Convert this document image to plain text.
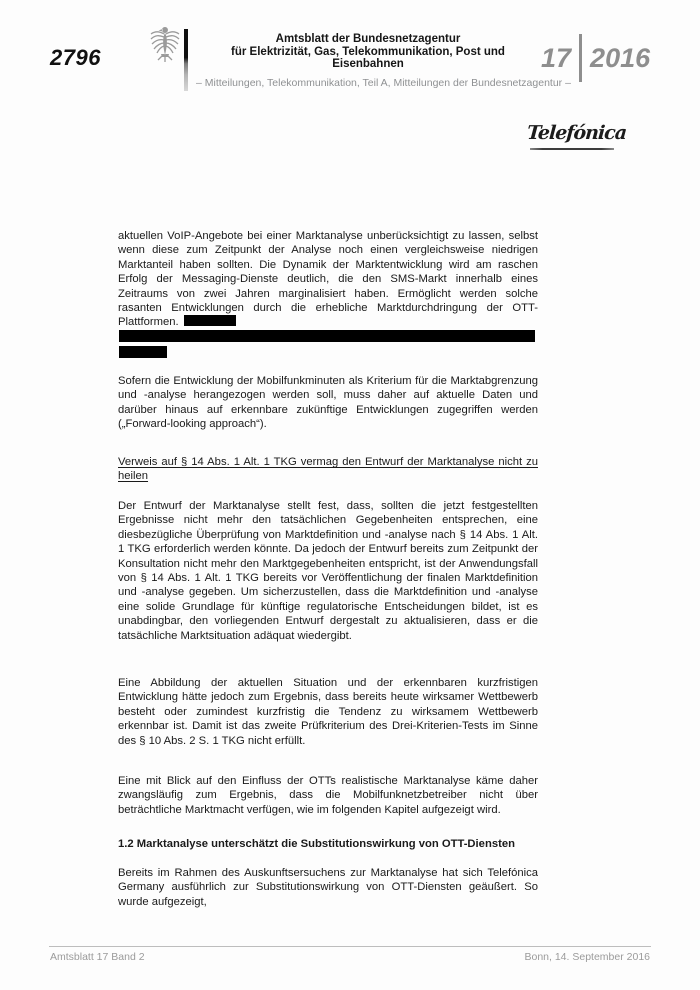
2796
Amtsblatt der Bundesnetzagentur
für Elektrizität, Gas, Telekommunikation, Post und Eisenbahnen
– Mitteilungen, Telekommunikation, Teil A, Mitteilungen der Bundesnetzagentur –
17 2016
Telefónica

aktuellen VoIP-Angebote bei einer Marktanalyse unberücksichtigt zu lassen, selbst wenn diese zum Zeitpunkt der Analyse noch einen vergleichsweise niedrigen Marktanteil haben sollten. Die Dynamik der Marktentwicklung wird am raschen Erfolg der Messaging-Dienste deutlich, die den SMS-Markt innerhalb eines Zeitraums von zwei Jahren marginalisiert haben. Ermöglicht werden solche rasanten Entwicklungen durch die erhebliche Marktdurchdringung der OTT-Plattformen.

Sofern die Entwicklung der Mobilfunkminuten als Kriterium für die Marktabgrenzung und -analyse herangezogen werden soll, muss daher auf aktuelle Daten und darüber hinaus auf erkennbare zukünftige Entwicklungen zugegriffen werden („Forward-looking approach“).

Verweis auf § 14 Abs. 1 Alt. 1 TKG vermag den Entwurf der Marktanalyse nicht zu heilen

Der Entwurf der Marktanalyse stellt fest, dass, sollten die jetzt festgestellten Ergebnisse nicht mehr den tatsächlichen Gegebenheiten entsprechen, eine diesbezügliche Überprüfung von Marktdefinition und -analyse nach § 14 Abs. 1 Alt. 1 TKG erforderlich werden könnte. Da jedoch der Entwurf bereits zum Zeitpunkt der Konsultation nicht mehr den Marktgegebenheiten entspricht, ist der Anwendungsfall von § 14 Abs. 1 Alt. 1 TKG bereits vor Veröffentlichung der finalen Marktdefinition und -analyse gegeben. Um sicherzustellen, dass die Marktdefinition und -analyse eine solide Grundlage für künftige regulatorische Entscheidungen bildet, ist es unabdingbar, den vorliegenden Entwurf dergestalt zu aktualisieren, dass er die tatsächliche Marktsituation adäquat wiedergibt.

Eine Abbildung der aktuellen Situation und der erkennbaren kurzfristigen Entwicklung hätte jedoch zum Ergebnis, dass bereits heute wirksamer Wettbewerb besteht oder zumindest kurzfristig die Tendenz zu wirksamem Wettbewerb erkennbar ist. Damit ist das zweite Prüfkriterium des Drei-Kriterien-Tests im Sinne des § 10 Abs. 2 S. 1 TKG nicht erfüllt.

Eine mit Blick auf den Einfluss der OTTs realistische Marktanalyse käme daher zwangsläufig zum Ergebnis, dass die Mobilfunknetzbetreiber nicht über beträchtliche Marktmacht verfügen, wie im folgenden Kapitel aufgezeigt wird.

1.2 Marktanalyse unterschätzt die Substitutionswirkung von OTT-Diensten

Bereits im Rahmen des Auskunftsersuchens zur Marktanalyse hat sich Telefónica Germany ausführlich zur Substitutionswirkung von OTT-Diensten geäußert. So wurde aufgezeigt,

Amtsblatt 17 Band 2	Bonn, 14. September 2016
